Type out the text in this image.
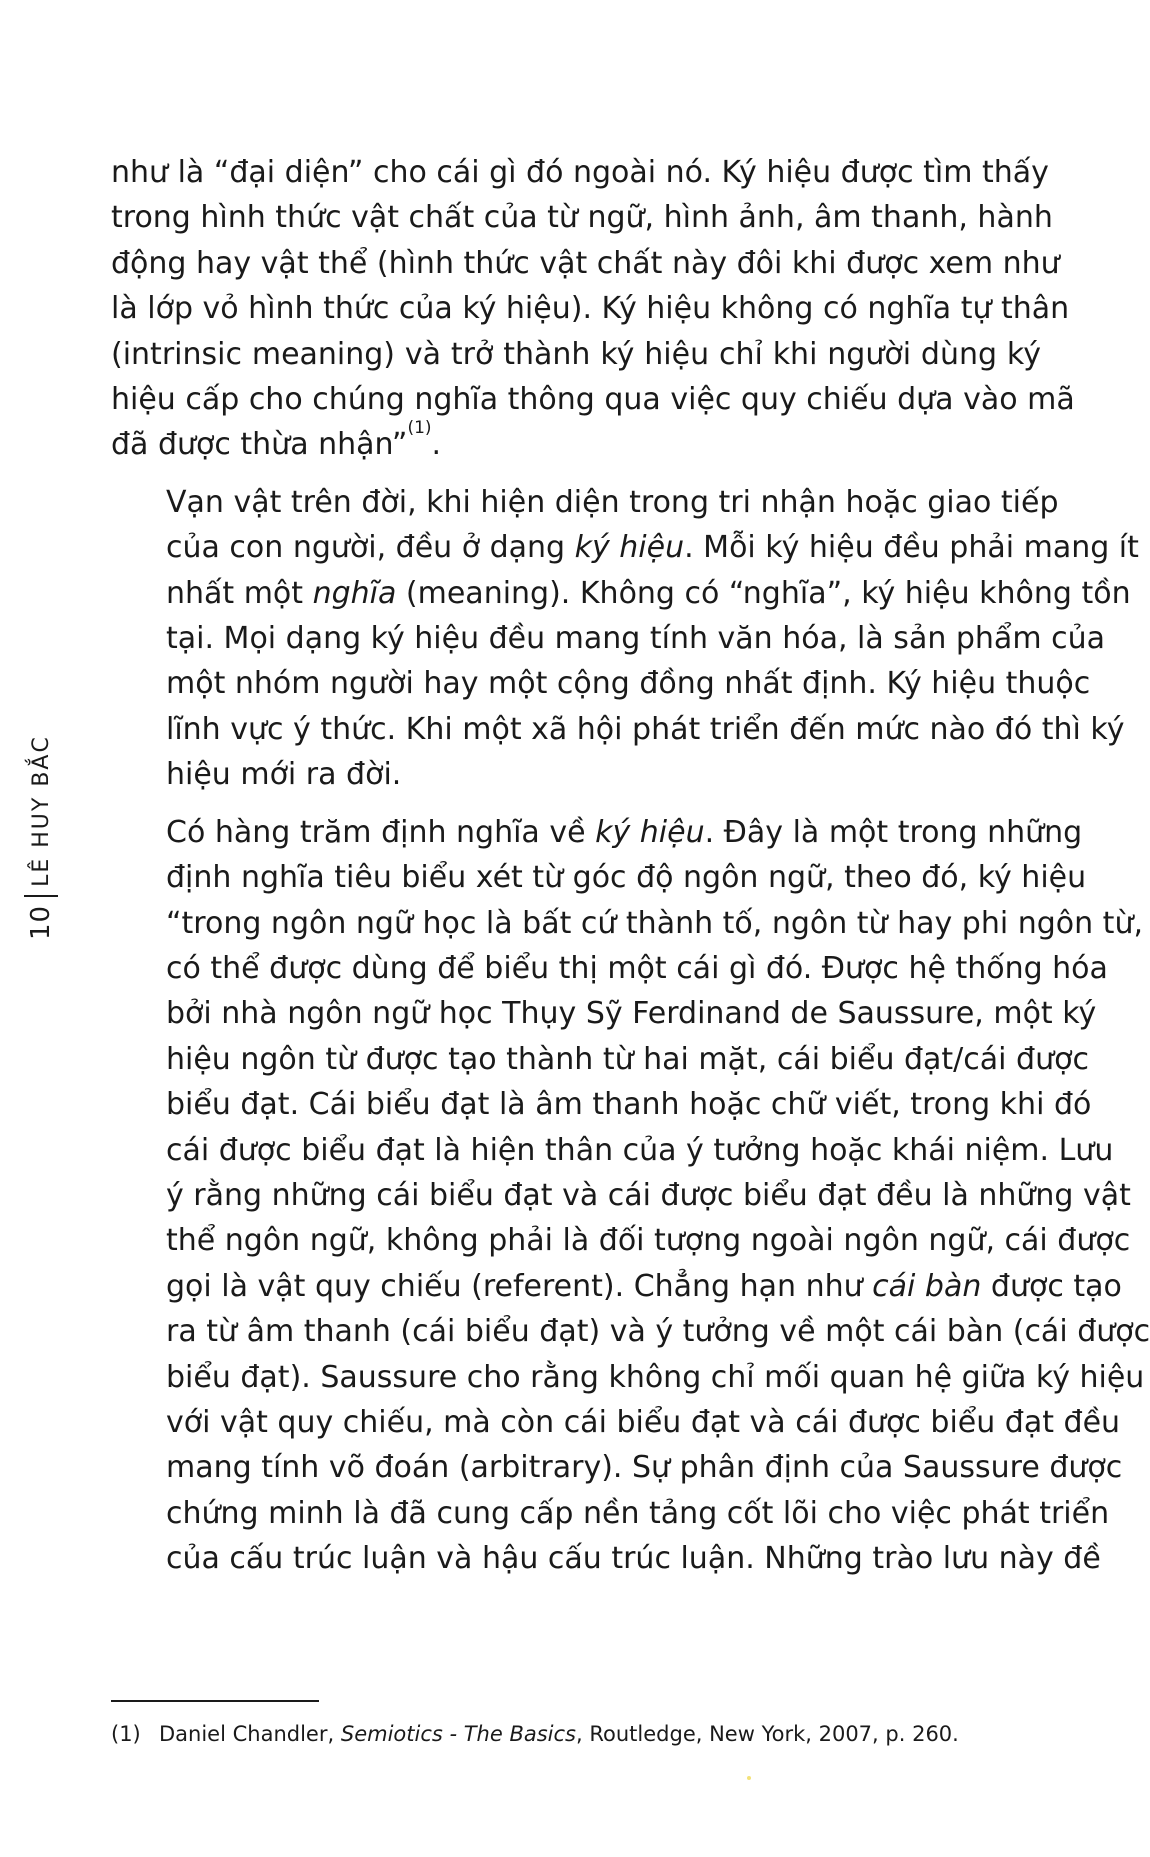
10
LÊ HUY BẮC

như là “đại diện” cho cái gì đó ngoài nó. Ký hiệu được tìm thấy
trong hình thức vật chất của từ ngữ, hình ảnh, âm thanh, hành
động hay vật thể (hình thức vật chất này đôi khi được xem như
là lớp vỏ hình thức của ký hiệu). Ký hiệu không có nghĩa tự thân
(intrinsic meaning) và trở thành ký hiệu chỉ khi người dùng ký
hiệu cấp cho chúng nghĩa thông qua việc quy chiếu dựa vào mã
đã được thừa nhận”$^{(1)}$.

Vạn vật trên đời, khi hiện diện trong tri nhận hoặc giao tiếp
của con người, đều ở dạng ký hiệu. Mỗi ký hiệu đều phải mang ít
nhất một nghĩa (meaning). Không có “nghĩa”, ký hiệu không tồn
tại. Mọi dạng ký hiệu đều mang tính văn hóa, là sản phẩm của
một nhóm người hay một cộng đồng nhất định. Ký hiệu thuộc
lĩnh vực ý thức. Khi một xã hội phát triển đến mức nào đó thì ký
hiệu mới ra đời.

Có hàng trăm định nghĩa về ký hiệu. Đây là một trong những
định nghĩa tiêu biểu xét từ góc độ ngôn ngữ, theo đó, ký hiệu
“trong ngôn ngữ học là bất cứ thành tố, ngôn từ hay phi ngôn từ,
có thể được dùng để biểu thị một cái gì đó. Được hệ thống hóa
bởi nhà ngôn ngữ học Thụy Sỹ Ferdinand de Saussure, một ký
hiệu ngôn từ được tạo thành từ hai mặt, cái biểu đạt/cái được
biểu đạt. Cái biểu đạt là âm thanh hoặc chữ viết, trong khi đó
cái được biểu đạt là hiện thân của ý tưởng hoặc khái niệm. Lưu
ý rằng những cái biểu đạt và cái được biểu đạt đều là những vật
thể ngôn ngữ, không phải là đối tượng ngoài ngôn ngữ, cái được
gọi là vật quy chiếu (referent). Chẳng hạn như cái bàn được tạo
ra từ âm thanh (cái biểu đạt) và ý tưởng về một cái bàn (cái được
biểu đạt). Saussure cho rằng không chỉ mối quan hệ giữa ký hiệu
với vật quy chiếu, mà còn cái biểu đạt và cái được biểu đạt đều
mang tính võ đoán (arbitrary). Sự phân định của Saussure được
chứng minh là đã cung cấp nền tảng cốt lõi cho việc phát triển
của cấu trúc luận và hậu cấu trúc luận. Những trào lưu này đề

(1) Daniel Chandler, Semiotics - The Basics, Routledge, New York, 2007, p. 260.
